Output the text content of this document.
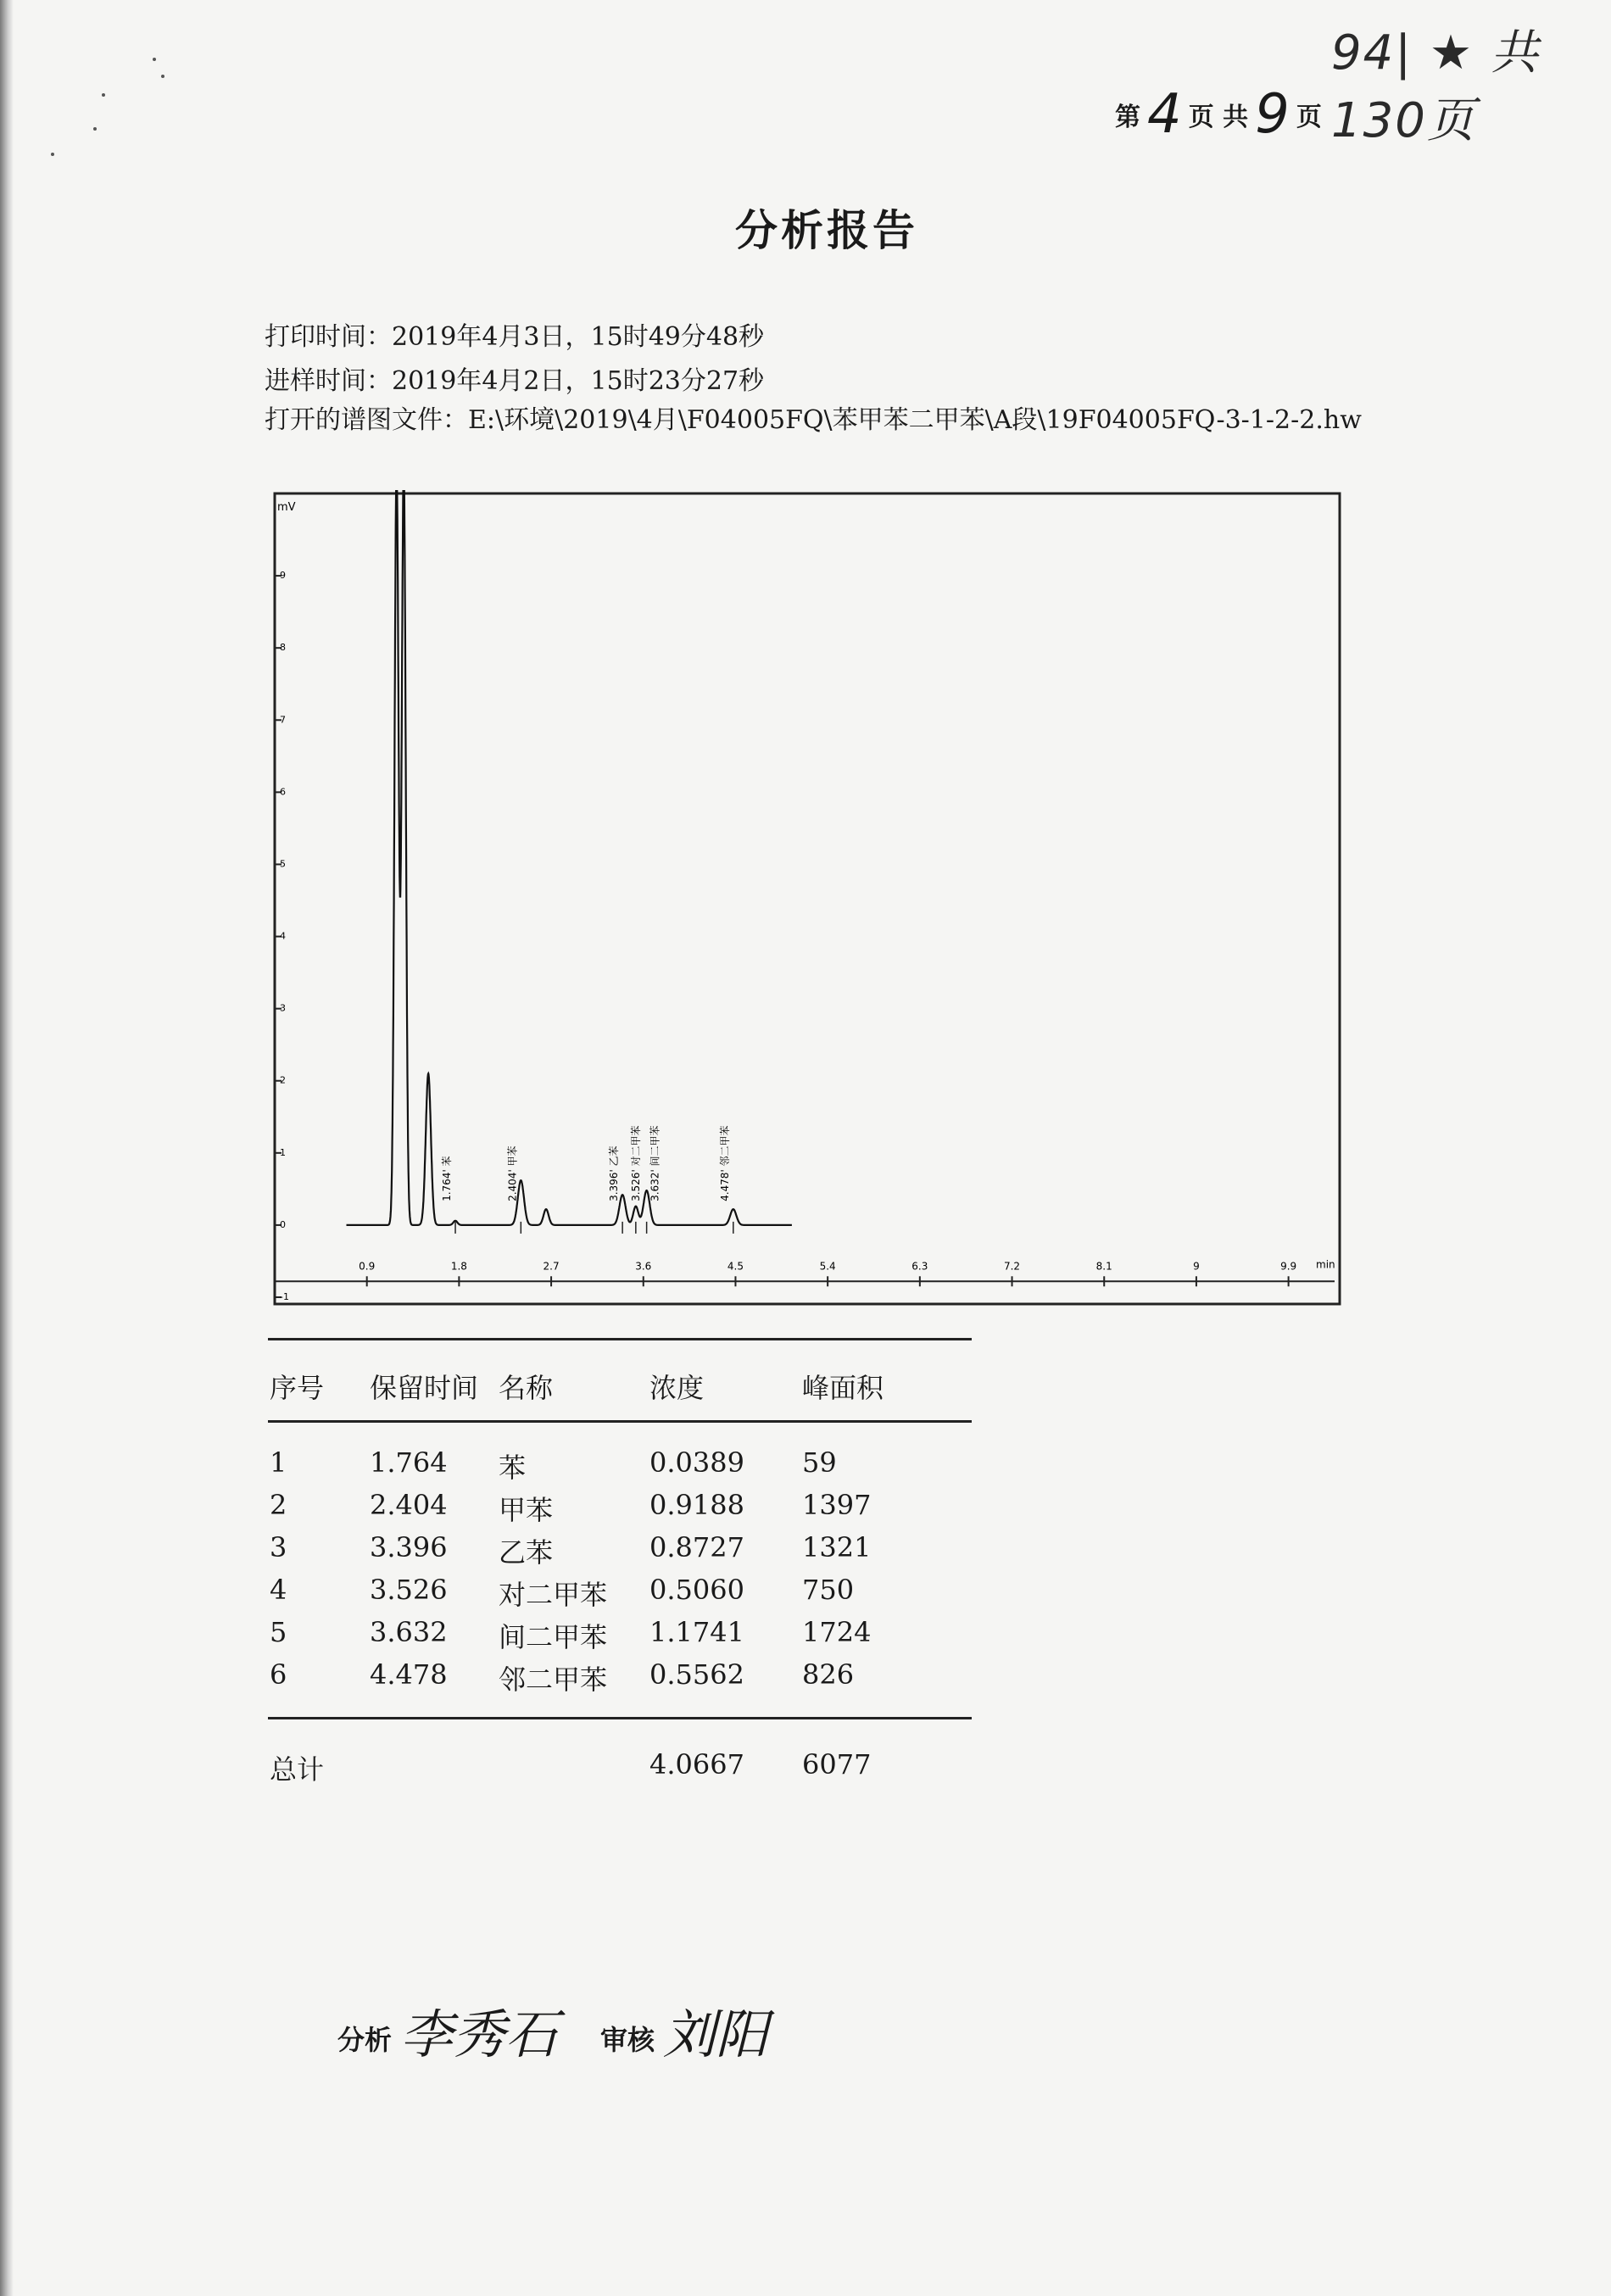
94| ★ 共130页
第 4 页 共 9 页
分析报告
打印时间：2019年4月3日，15时49分48秒
进样时间：2019年4月2日，15时23分27秒
打开的谱图文件：E:\环境\2019\4月\F04005FQ\苯甲苯二甲苯\A段\19F04005FQ-3-1-2-2.hw
-1
0
1
2
3
4
5
6
7
8
9
mV
0.9	1.8	2.7	3.6	4.5	5.4	6.3	7.2	8.1	9	9.9 min
1.764' 苯	2.404' 甲苯	3.396' 乙苯 3.526' 对二甲苯 3.632' 间二甲苯	4.478' 邻二甲苯
序号 保留时间 名称	浓度	峰面积
1	1.764 苯	0.0389 59
2	2.404 甲苯	0.9188 1397
3	3.396 乙苯	0.8727 1321
4	3.526 对二甲苯 0.5060 750
5	3.632 间二甲苯 1.1741 1724
6	4.478 邻二甲苯 0.5562 826
总计	4.0667 6077
分析 李秀石 审核 刘阳
